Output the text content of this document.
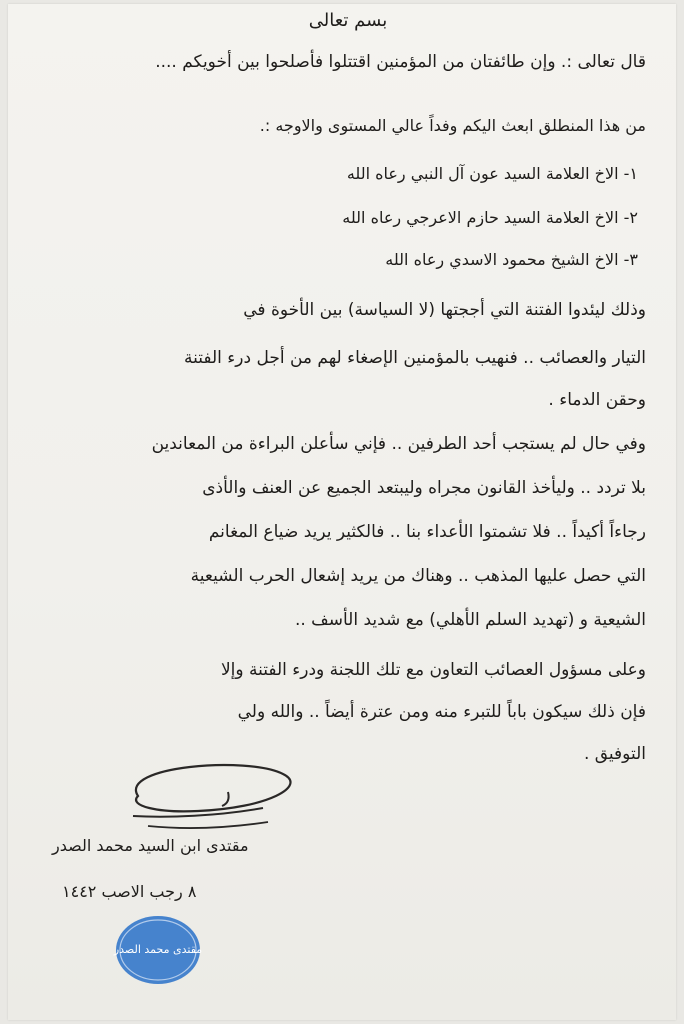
بسم تعالى
قال تعالى :. وإن طائفتان من المؤمنين اقتتلوا فأصلحوا بين أخويكم ....
من هذا المنطلق ابعث اليكم وفداً عالي المستوى والاوجه :.
١- الاخ العلامة السيد عون آل النبي رعاه الله
٢- الاخ العلامة السيد حازم الاعرجي رعاه الله
٣- الاخ الشيخ محمود الاسدي رعاه الله
وذلك ليئدوا الفتنة التي أججتها (لا السياسة) بين الأخوة في
التيار والعصائب .. فنهيب بالمؤمنين الإصغاء لهم من أجل درء الفتنة
وحقن الدماء .
وفي حال لم يستجب أحد الطرفين .. فإني سأعلن البراءة من المعاندين
بلا تردد .. وليأخذ القانون مجراه وليبتعد الجميع عن العنف والأذى
رجاءاً أكيداً .. فلا تشمتوا الأعداء بنا .. فالكثير يريد ضياع المغانم
التي حصل عليها المذهب .. وهناك من يريد إشعال الحرب الشيعية
الشيعية و (تهديد السلم الأهلي) مع شديد الأسف ..
وعلى مسؤول العصائب التعاون مع تلك اللجنة ودرء الفتنة وإلا
فإن ذلك سيكون باباً للتبرء منه ومن عترة أيضاً .. والله ولي
التوفيق .
مقتدى ابن السيد محمد الصدر
٨ رجب الاصب ١٤٤٢
مقتدى محمد الصدر
